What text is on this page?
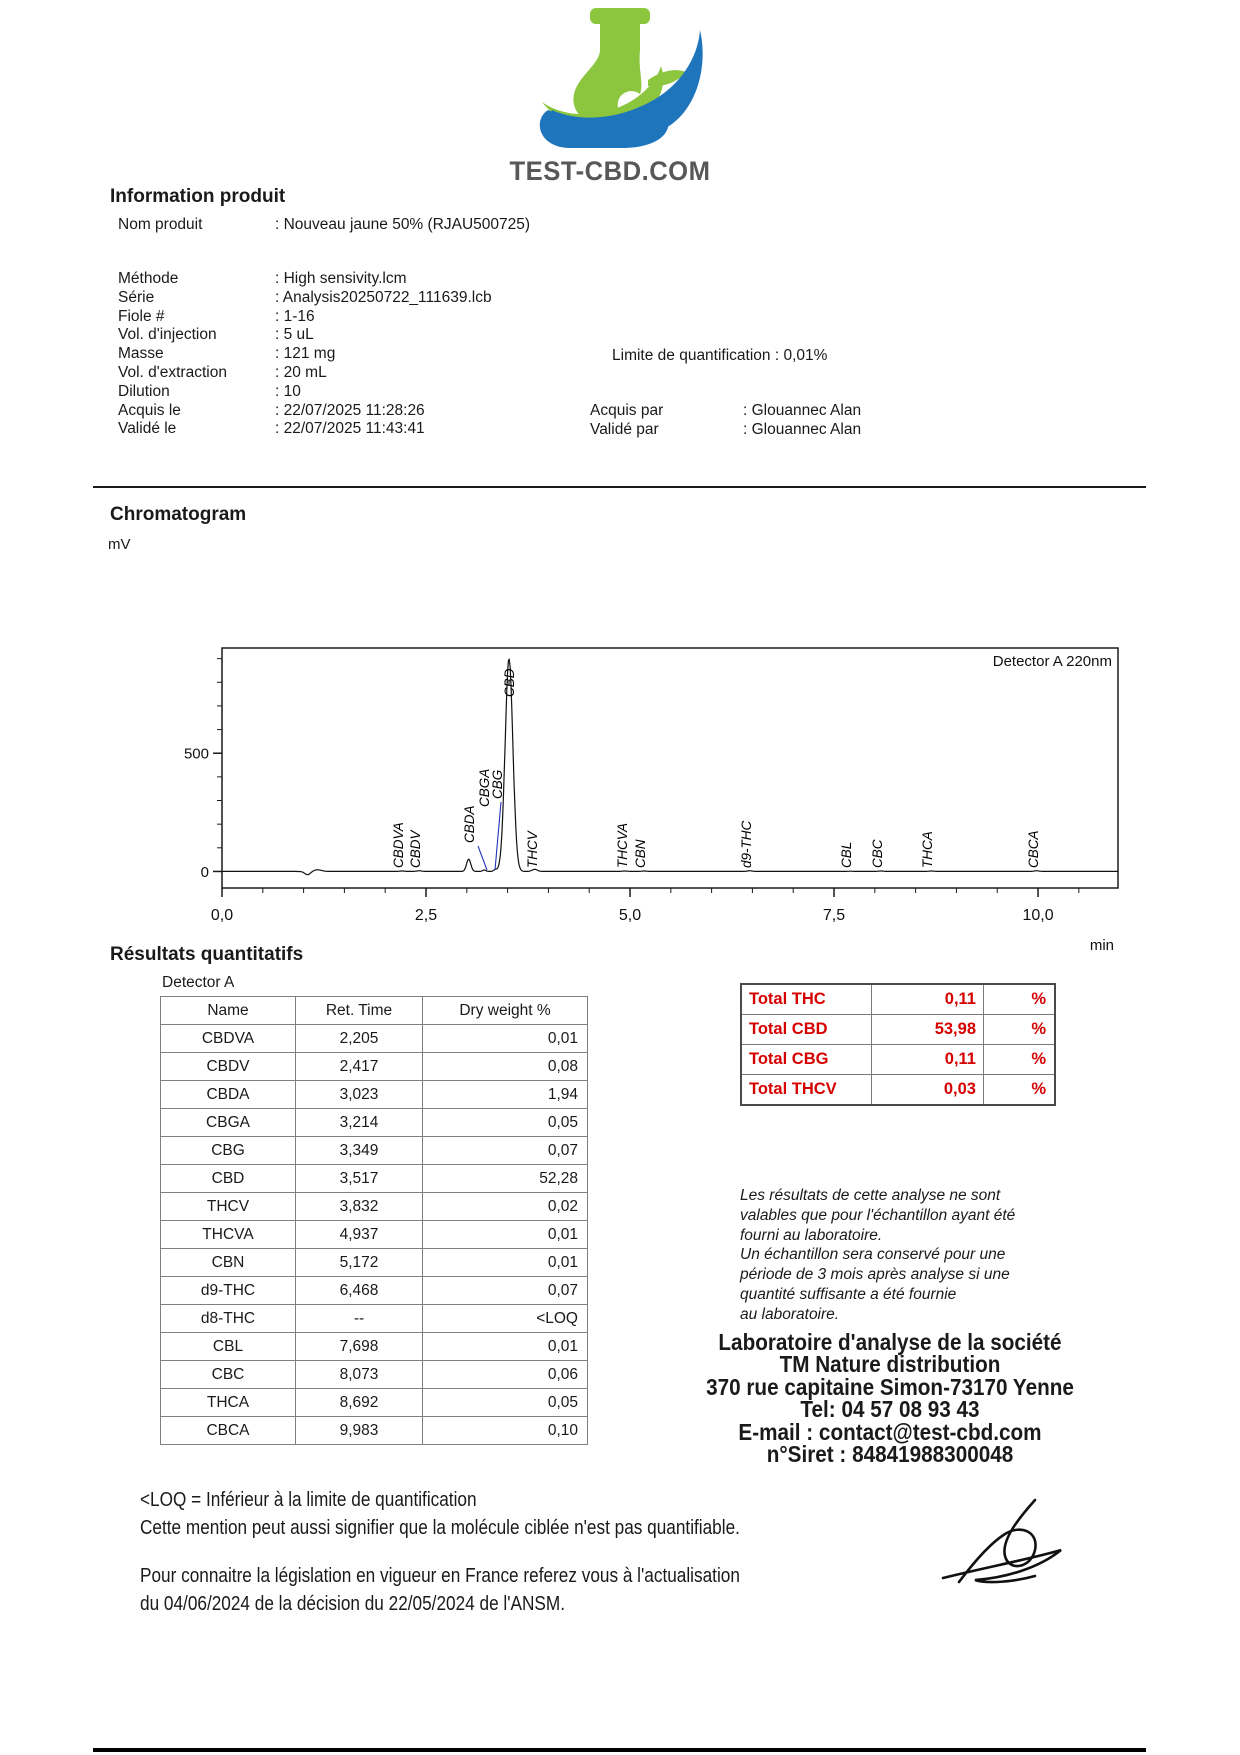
TEST-CBD.COM
Information produit
Nom produit	: Nouveau jaune 50% (RJAU500725)
Méthode	: High sensivity.lcm
Série	: Analysis20250722_111639.lcb
Fiole #	: 1-16
Vol. d'injection	: 5 uL
Masse	: 121 mg
Vol. d'extraction	: 20 mL
Dilution	: 10
Acquis le	: 22/07/2025 11:28:26
Validé le	: 22/07/2025 11:43:41
Limite de quantification : 0,01%
Acquis par	: Glouannec Alan
Validé par	: Glouannec Alan
Chromatogram
mV
Detector A 220nm
0
500
0,0	2,5	5,0	7,5	10,0
min
CBDVA CBDV
CBDA
CBGA
CBG
CBD
THCV	THCVA CBN	d9-THC	CBL CBC	THCA	CBCA
Résultats quantitatifs
Detector A
Name	Ret. Time	Dry weight %
CBDVA	2,205	0,01
CBDV	2,417	0,08
CBDA	3,023	1,94
CBGA	3,214	0,05
CBG	3,349	0,07
CBD	3,517	52,28
THCV	3,832	0,02
THCVA	4,937	0,01
CBN	5,172	0,01
d9-THC	6,468	0,07
d8-THC	--	<LOQ
CBL	7,698	0,01
CBC	8,073	0,06
THCA	8,692	0,05
CBCA	9,983	0,10
Total THC	0,11	%
Total CBD	53,98	%
Total CBG	0,11	%
Total THCV	0,03	%
Les résultats de cette analyse ne sont
valables que pour l'échantillon ayant été
fourni au laboratoire.
Un échantillon sera conservé pour une
période de 3 mois après analyse si une
quantité suffisante a été fournie
au laboratoire.
Laboratoire d'analyse de la société
TM Nature distribution
370 rue capitaine Simon-73170 Yenne
Tel: 04 57 08 93 43
E-mail : contact@test-cbd.com
n°Siret : 84841988300048
<LOQ = Inférieur à la limite de quantification
Cette mention peut aussi signifier que la molécule ciblée n'est pas quantifiable.
Pour connaitre la législation en vigueur en France referez vous à l'actualisation
du 04/06/2024 de la décision du 22/05/2024 de l'ANSM.
